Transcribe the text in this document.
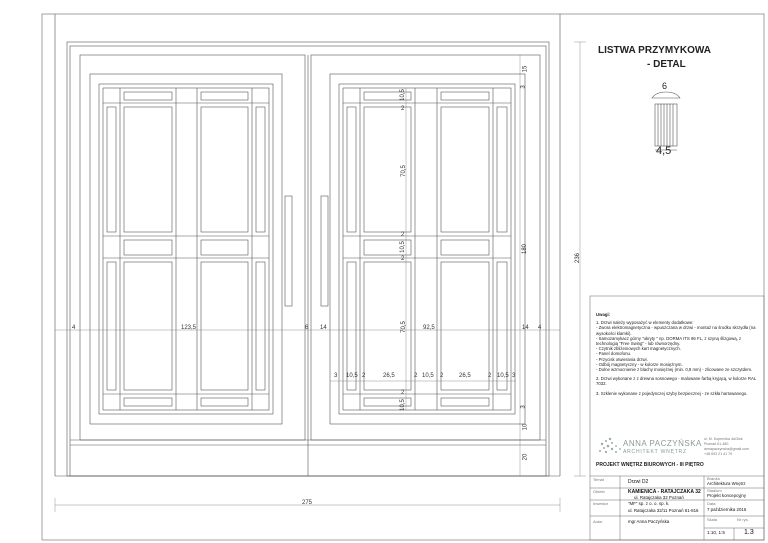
LISTWA PRZYMYKOWA
- DETAL
6
4,5
275
236
123,5	92,5
4	4
6 14	14
180
15
3
20
10
3
10,5
10,5
10,5
70,5
70,5
2
2
2
2
3 10,5 2	26,5	2 10,5 2	26,5	2 10,5 3

Uwagi:

1. Drzwi należy wyposażyć w elementy dodatkowe:

- Zwora elektromagnetyczna - wpuszczana w drzwi - montaż na środku skrzydła (na wysokości klamki).

- Samozamykacz górny "ukryty " np. DORMA ITS 96 FL, z szyną ślizgową, z technologią "Free Swing" - lub równorzędny.

- Czytnik zbliżeniowych kart magnetycznych.

- Panel domofonu.

- Przycisk otwierania drzwi.

- Odbój magnetyczny - w kolorze mosiężnym.

- Dolne wzmocnienie z blachy mosiężnej (min. 0,8 mm) - zlicowane ze szczytdem.

2. Drzwi wykonane z z drewna sosnowego - malowane farbą kryjącą, w kolorze RAL 7032.

3. Szklenie wykonane z pojedynczej szyby bezpiecznej - ze szkła hartowanego.

ANNA PACZYŃSKA
ARCHITEKT WNĘTRZ
ul. M. Kopernika 4a/3lok
Poznań 61-480
annapaczynska@gmail.com
+48 693 21 41 79
PROJEKT WNĘTRZ BIUROWYCH - III PIĘTRO
Temat	Drzwi D2
Obiekt	KAMIENICA - RATAJCZAKA 32
ul. Ratajczaka 32 Poznań
Inwestor	"MF" sp. z o. o. sp. k.
ul. Ratajczaka 32/11 Poznań 61-816
Autor	mgr Anna Paczyńska
Branża
Architektura Wnętrz
Stadium
Projekt koncepcyjny
Data
7 października 2016
Skala
1:10, 1:5
Nr rys.
1.3
